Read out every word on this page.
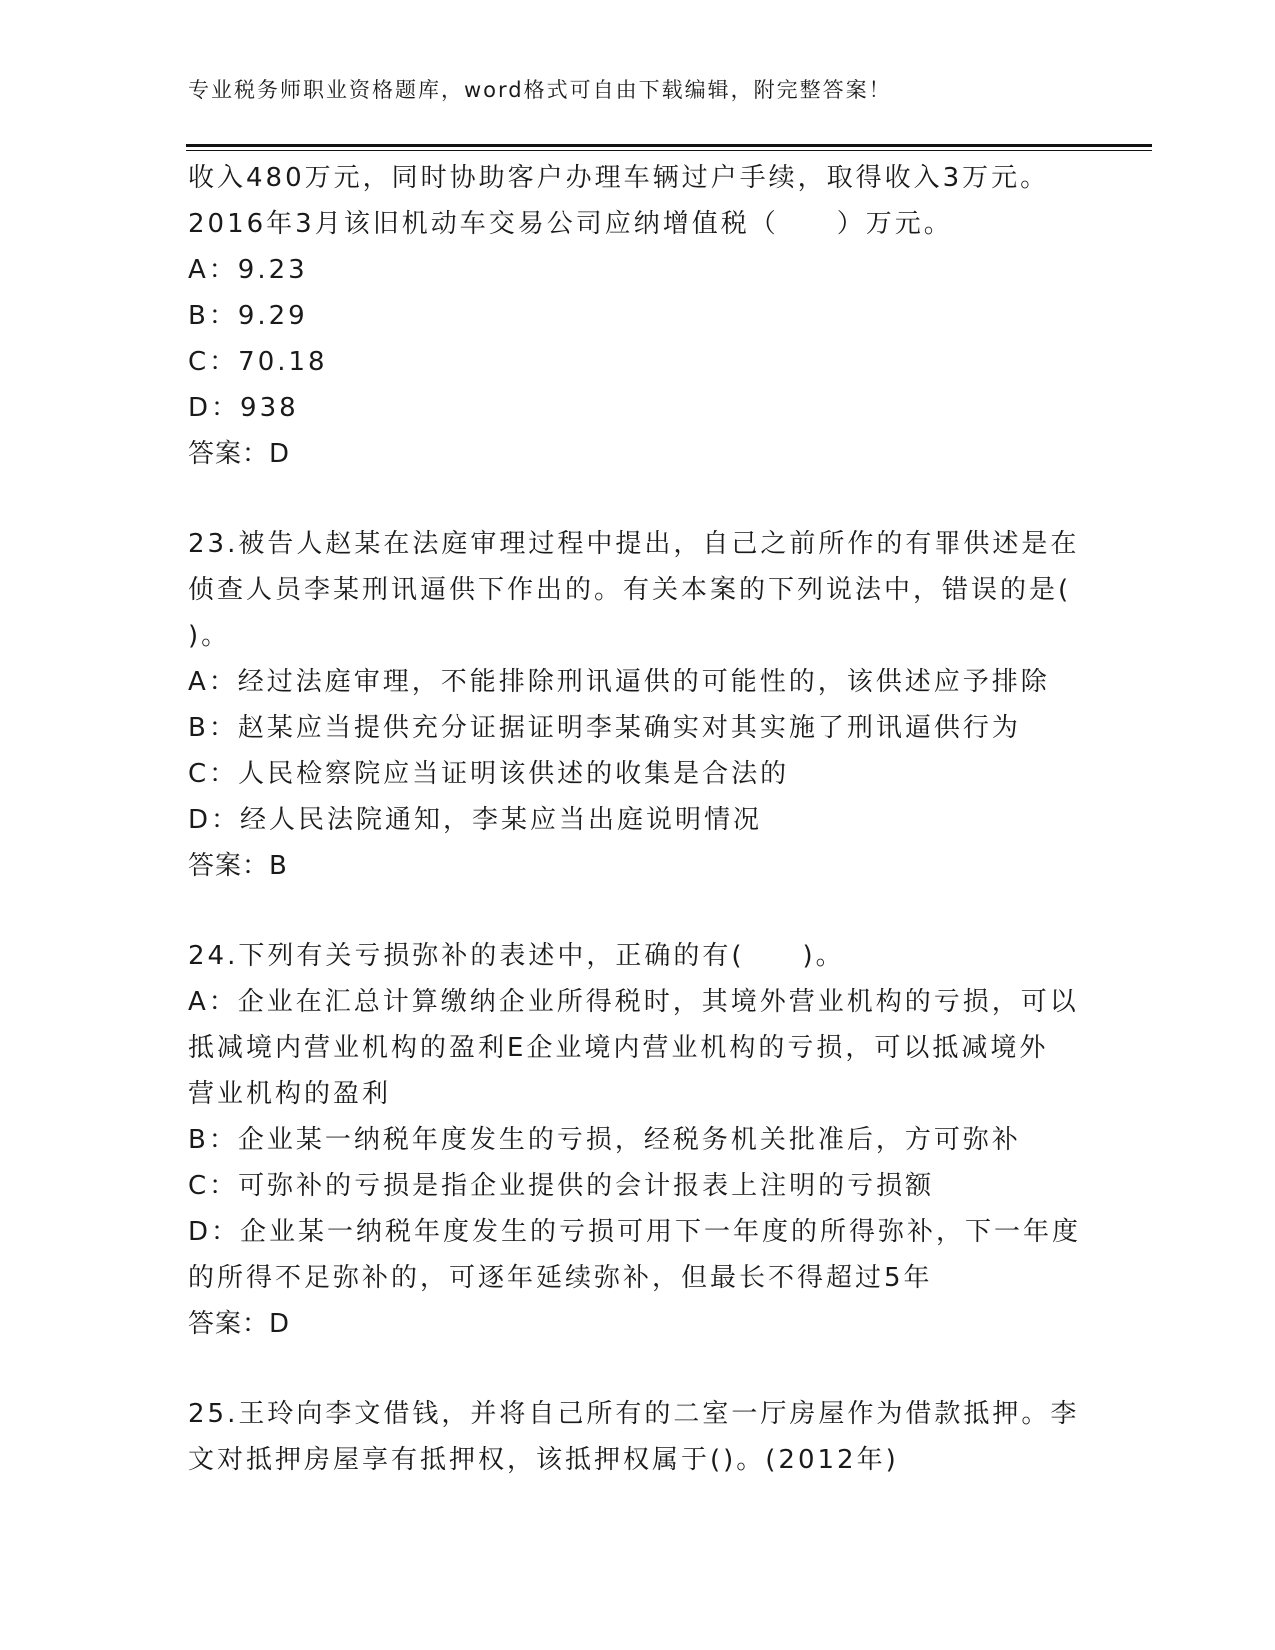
专业税务师职业资格题库，word格式可自由下载编辑，附完整答案！
收入480万元，同时协助客户办理车辆过户手续，取得收入3万元。
2016年3月该旧机动车交易公司应纳增值税（　　）万元。
A：9.23
B：9.29
C：70.18
D：938
答案：D
23.被告人赵某在法庭审理过程中提出，自己之前所作的有罪供述是在
侦查人员李某刑讯逼供下作出的。有关本案的下列说法中，错误的是(
)。
A：经过法庭审理，不能排除刑讯逼供的可能性的，该供述应予排除
B：赵某应当提供充分证据证明李某确实对其实施了刑讯逼供行为
C：人民检察院应当证明该供述的收集是合法的
D：经人民法院通知，李某应当出庭说明情况
答案：B
24.下列有关亏损弥补的表述中，正确的有(　　)。
A：企业在汇总计算缴纳企业所得税时，其境外营业机构的亏损，可以
抵减境内营业机构的盈利E企业境内营业机构的亏损，可以抵减境外
营业机构的盈利
B：企业某一纳税年度发生的亏损，经税务机关批准后，方可弥补
C：可弥补的亏损是指企业提供的会计报表上注明的亏损额
D：企业某一纳税年度发生的亏损可用下一年度的所得弥补，下一年度
的所得不足弥补的，可逐年延续弥补，但最长不得超过5年
答案：D
25.王玲向李文借钱，并将自己所有的二室一厅房屋作为借款抵押。李
文对抵押房屋享有抵押权，该抵押权属于()。(2012年)
